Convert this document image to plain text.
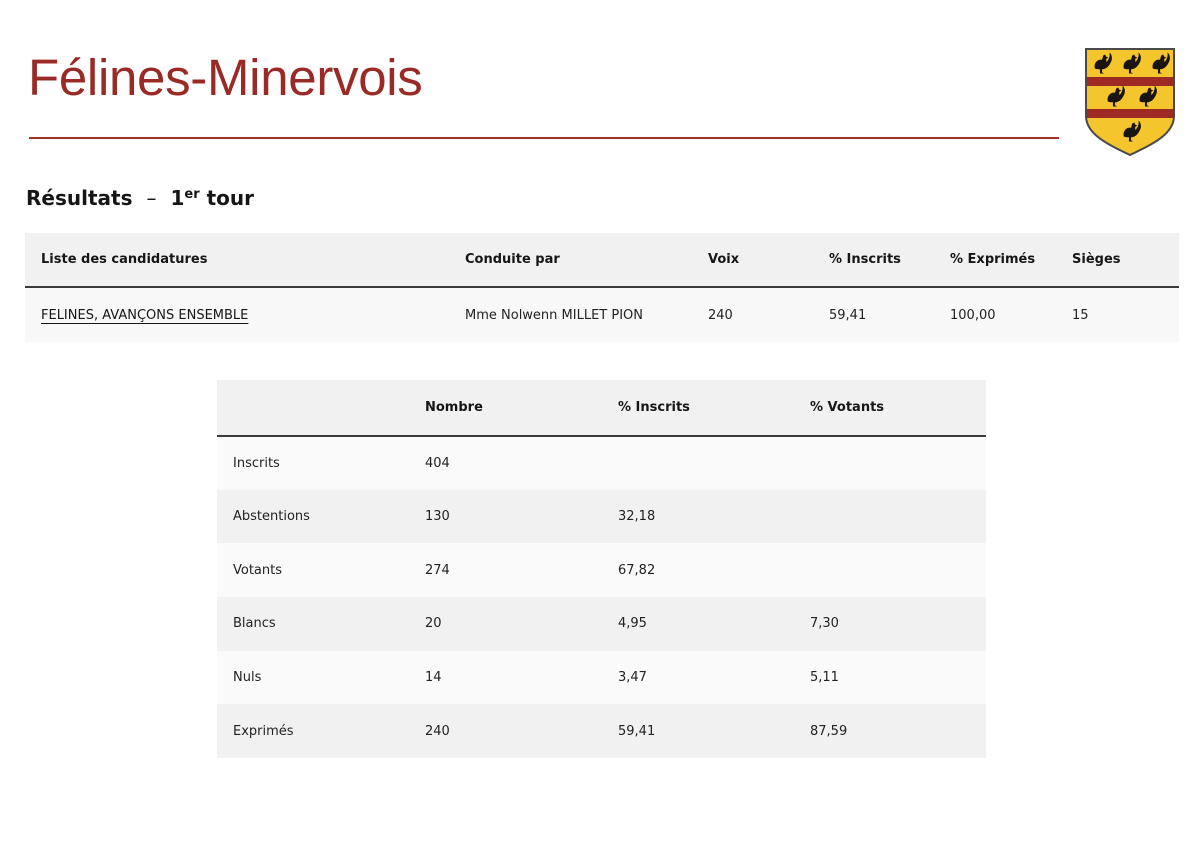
Félines-Minervois
Résultats – 1er tour
Liste des candidatures	Conduite par	Voix	% Inscrits	% Exprimés	Sièges
FELINES, AVANÇONS ENSEMBLE	Mme Nolwenn MILLET PION	240	59,41	100,00	15
	Nombre	% Inscrits	% Votants
Inscrits	404		
Abstentions	130	32,18	
Votants	274	67,82	
Blancs	20	4,95	7,30
Nuls	14	3,47	5,11
Exprimés	240	59,41	87,59
